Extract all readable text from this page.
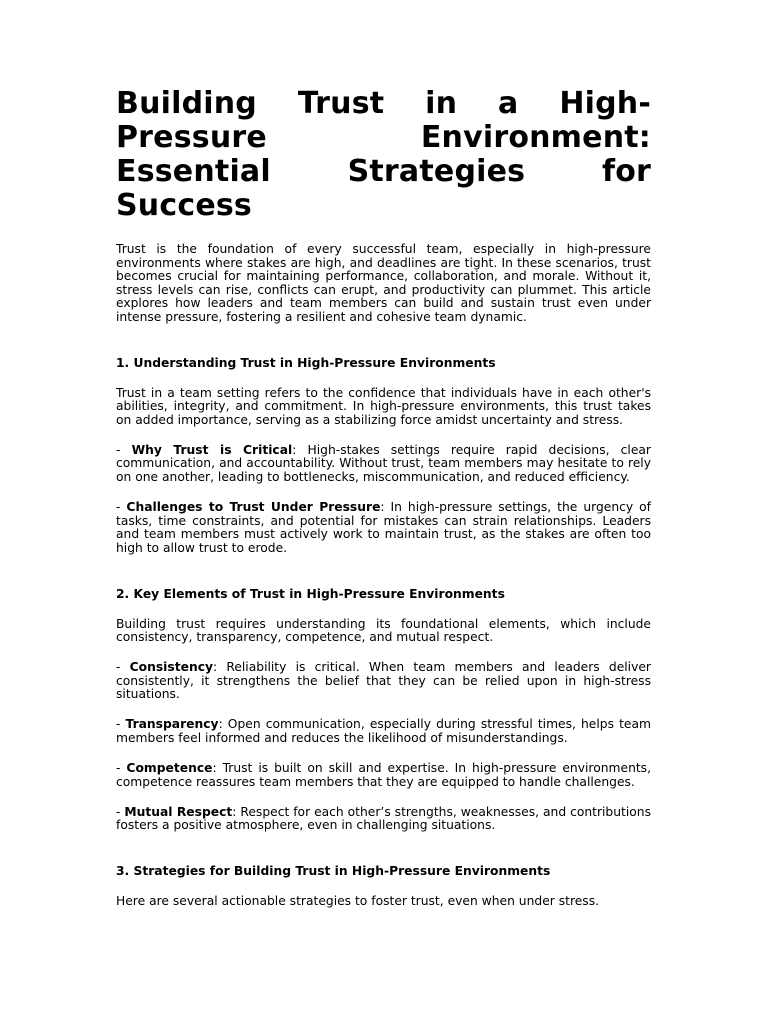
Building Trust in a High-Pressure Environment: Essential Strategies for Success

Trust is the foundation of every successful team, especially in high-pressure environments where stakes are high, and deadlines are tight. In these scenarios, trust becomes crucial for maintaining performance, collaboration, and morale. Without it, stress levels can rise, conflicts can erupt, and productivity can plummet. This article explores how leaders and team members can build and sustain trust even under intense pressure, fostering a resilient and cohesive team dynamic.

1. Understanding Trust in High-Pressure Environments

Trust in a team setting refers to the confidence that individuals have in each other's abilities, integrity, and commitment. In high-pressure environments, this trust takes on added importance, serving as a stabilizing force amidst uncertainty and stress.

- Why Trust is Critical: High-stakes settings require rapid decisions, clear communication, and accountability. Without trust, team members may hesitate to rely on one another, leading to bottlenecks, miscommunication, and reduced efficiency.

- Challenges to Trust Under Pressure: In high-pressure settings, the urgency of tasks, time constraints, and potential for mistakes can strain relationships. Leaders and team members must actively work to maintain trust, as the stakes are often too high to allow trust to erode.

2. Key Elements of Trust in High-Pressure Environments

Building trust requires understanding its foundational elements, which include consistency, transparency, competence, and mutual respect.

- Consistency: Reliability is critical. When team members and leaders deliver consistently, it strengthens the belief that they can be relied upon in high-stress situations.

- Transparency: Open communication, especially during stressful times, helps team members feel informed and reduces the likelihood of misunderstandings.

- Competence: Trust is built on skill and expertise. In high-pressure environments, competence reassures team members that they are equipped to handle challenges.

- Mutual Respect: Respect for each other’s strengths, weaknesses, and contributions fosters a positive atmosphere, even in challenging situations.

3. Strategies for Building Trust in High-Pressure Environments

Here are several actionable strategies to foster trust, even when under stress.
